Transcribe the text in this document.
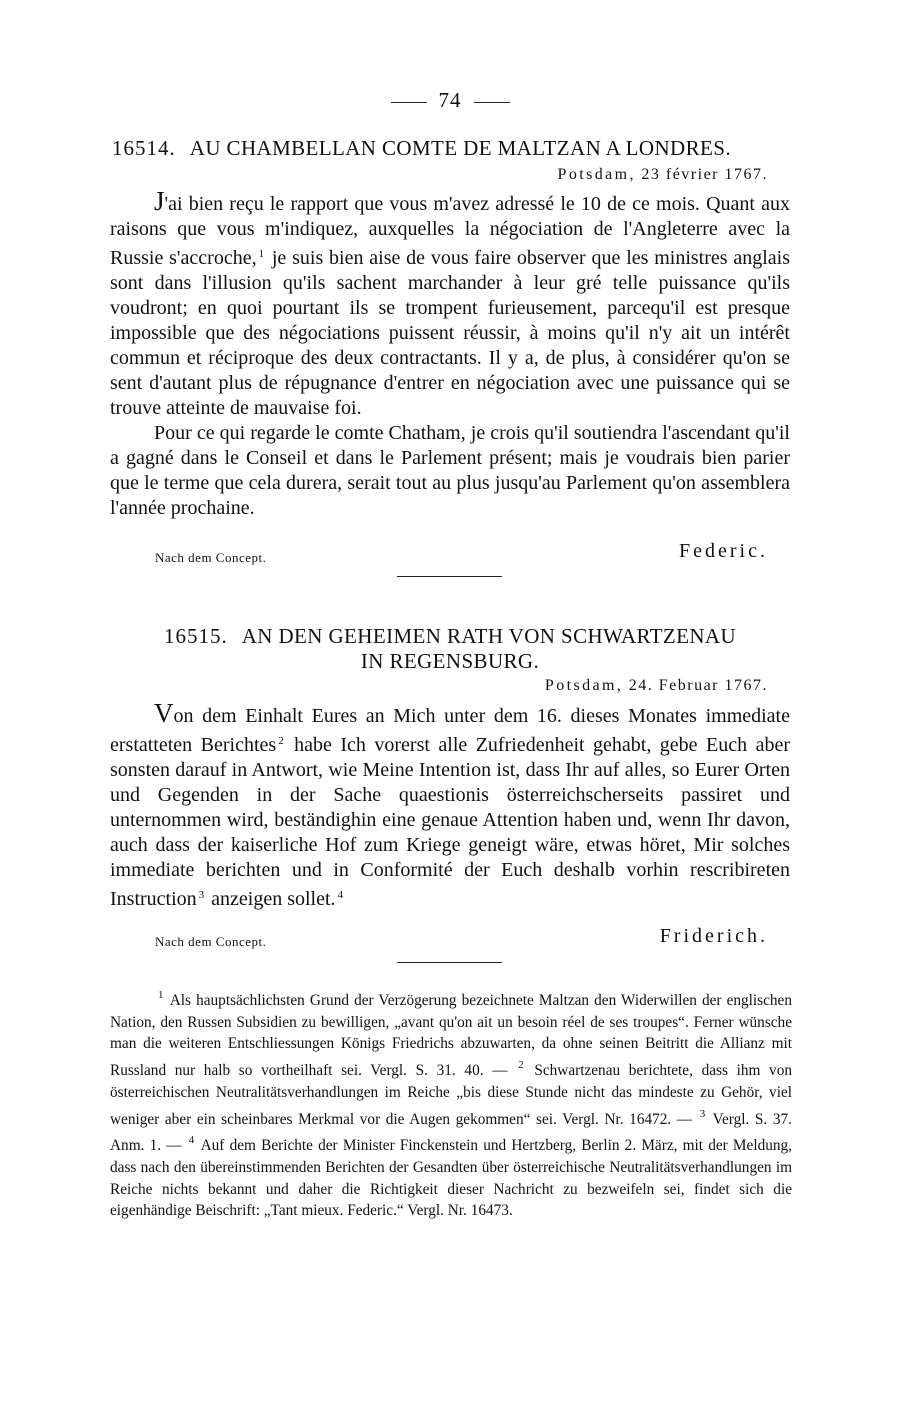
74
16514. AU CHAMBELLAN COMTE DE MALTZAN A LONDRES.
Potsdam, 23 février 1767.

J'ai bien reçu le rapport que vous m'avez adressé le 10 de ce mois. Quant aux raisons que vous m'indiquez, auxquelles la négociation de l'Angleterre avec la Russie s'accroche, $^1$ je suis bien aise de vous faire observer que les ministres anglais sont dans l'illusion qu'ils sachent marchander à leur gré telle puissance qu'ils voudront; en quoi pourtant ils se trompent furieusement, parcequ'il est presque impossible que des négociations puissent réussir, à moins qu'il n'y ait un intérêt commun et réciproque des deux contractants. Il y a, de plus, à considérer qu'on se sent d'autant plus de répugnance d'entrer en négociation avec une puissance qui se trouve atteinte de mauvaise foi.

Pour ce qui regarde le comte Chatham, je crois qu'il soutiendra l'ascendant qu'il a gagné dans le Conseil et dans le Parlement présent; mais je voudrais bien parier que le terme que cela durera, serait tout au plus jusqu'au Parlement qu'on assemblera l'année prochaine.

Nach dem Concept.	Federic.
16515. AN DEN GEHEIMEN RATH VON SCHWARTZENAU
IN REGENSBURG.
Potsdam, 24. Februar 1767.

Von dem Einhalt Eures an Mich unter dem 16. dieses Monates immediate erstatteten Berichtes $^2$ habe Ich vorerst alle Zufriedenheit gehabt, gebe Euch aber sonsten darauf in Antwort, wie Meine Intention ist, dass Ihr auf alles, so Eurer Orten und Gegenden in der Sache quaestionis österreichscherseits passiret und unternommen wird, beständighin eine genaue Attention haben und, wenn Ihr davon, auch dass der kaiserliche Hof zum Kriege geneigt wäre, etwas höret, Mir solches immediate berichten und in Conformité der Euch deshalb vorhin rescribireten Instruction $^3$ anzeigen sollet. $^4$

Nach dem Concept.	Friderich.

$^1$ Als hauptsächlichsten Grund der Verzögerung bezeichnete Maltzan den Widerwillen der englischen Nation, den Russen Subsidien zu bewilligen, „avant qu'on ait un besoin réel de ses troupes“. Ferner wünsche man die weiteren Entschliessungen Königs Friedrichs abzuwarten, da ohne seinen Beitritt die Allianz mit Russland nur halb so vortheilhaft sei. Vergl. S. 31. 40. — $^2$ Schwartzenau berichtete, dass ihm von österreichischen Neutralitätsverhandlungen im Reiche „bis diese Stunde nicht das mindeste zu Gehör, viel weniger aber ein scheinbares Merkmal vor die Augen gekommen“ sei. Vergl. Nr. 16472. — $^3$ Vergl. S. 37. Anm. 1. — $^4$ Auf dem Berichte der Minister Finckenstein und Hertzberg, Berlin 2. März, mit der Meldung, dass nach den übereinstimmenden Berichten der Gesandten über österreichische Neutralitätsverhandlungen im Reiche nichts bekannt und daher die Richtigkeit dieser Nachricht zu bezweifeln sei, findet sich die eigenhändige Beischrift: „Tant mieux. Federic.“ Vergl. Nr. 16473.
